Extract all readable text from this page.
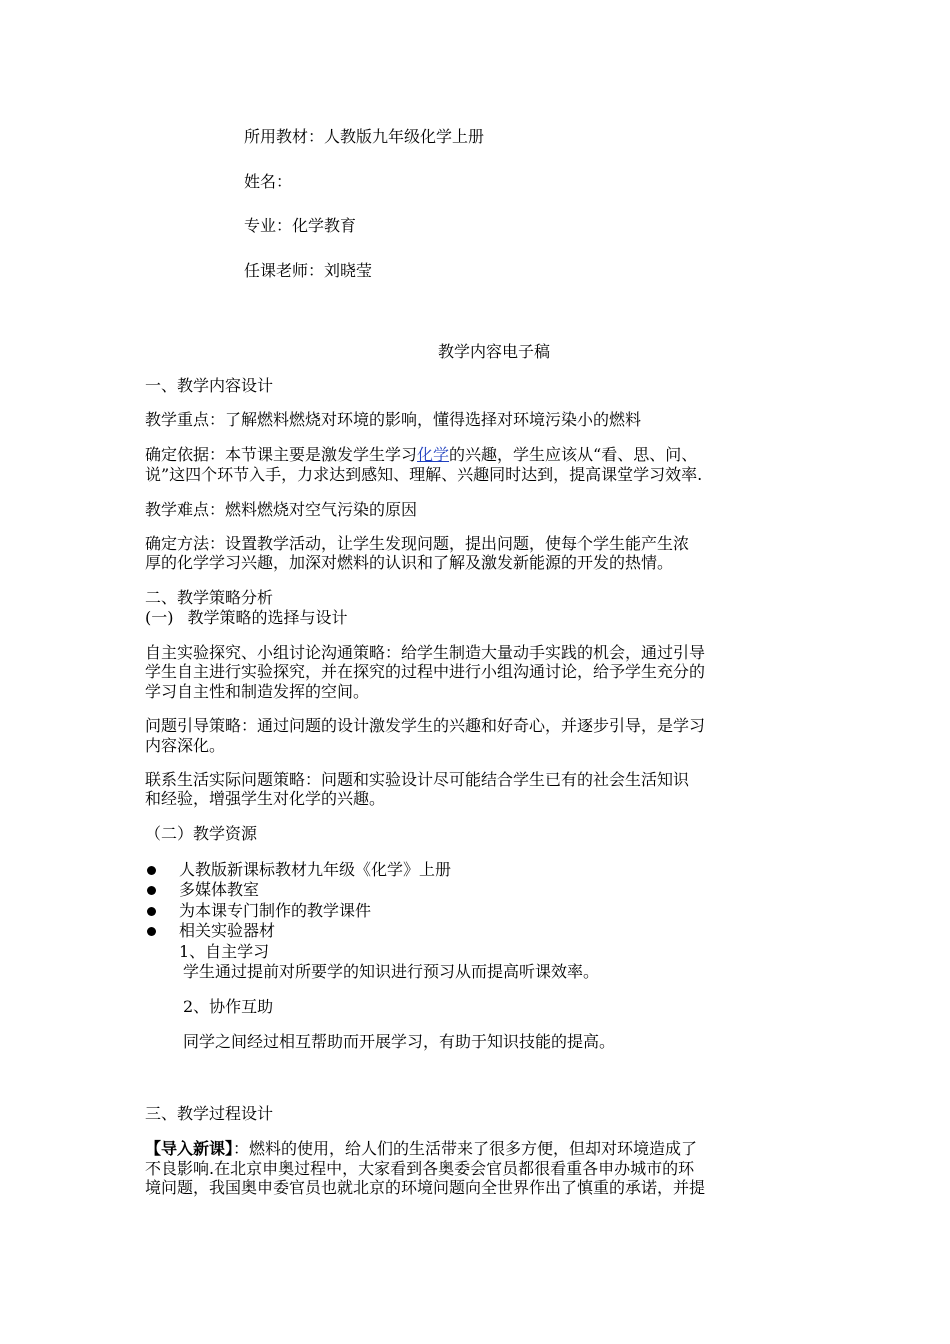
所用教材：人教版九年级化学上册
姓名：
专业：化学教育
任课老师：刘晓莹
教学内容电子稿
一、教学内容设计
教学重点：了解燃料燃烧对环境的影响，懂得选择对环境污染小的燃料
确定依据：本节课主要是激发学生学习化学的兴趣，学生应该从“看、思、问、
说”这四个环节入手，力求达到感知、理解、兴趣同时达到，提高课堂学习效率.
教学难点：燃料燃烧对空气污染的原因
确定方法：设置教学活动，让学生发现问题，提出问题，使每个学生能产生浓
厚的化学学习兴趣，加深对燃料的认识和了解及激发新能源的开发的热情。
二、教学策略分析
(一) 教学策略的选择与设计
自主实验探究、小组讨论沟通策略：给学生制造大量动手实践的机会，通过引导
学生自主进行实验探究，并在探究的过程中进行小组沟通讨论，给予学生充分的
学习自主性和制造发挥的空间。
问题引导策略：通过问题的设计激发学生的兴趣和好奇心，并逐步引导，是学习
内容深化。
联系生活实际问题策略：问题和实验设计尽可能结合学生已有的社会生活知识
和经验，增强学生对化学的兴趣。
（二）教学资源
人教版新课标教材九年级《化学》上册
多媒体教室
为本课专门制作的教学课件
相关实验器材
1、自主学习
学生通过提前对所要学的知识进行预习从而提高听课效率。
2、协作互助
同学之间经过相互帮助而开展学习，有助于知识技能的提高。
三、教学过程设计
【导入新课】：燃料的使用，给人们的生活带来了很多方便，但却对环境造成了
不良影响.在北京申奥过程中，大家看到各奥委会官员都很看重各申办城市的环
境问题，我国奥申委官员也就北京的环境问题向全世界作出了慎重的承诺，并提
